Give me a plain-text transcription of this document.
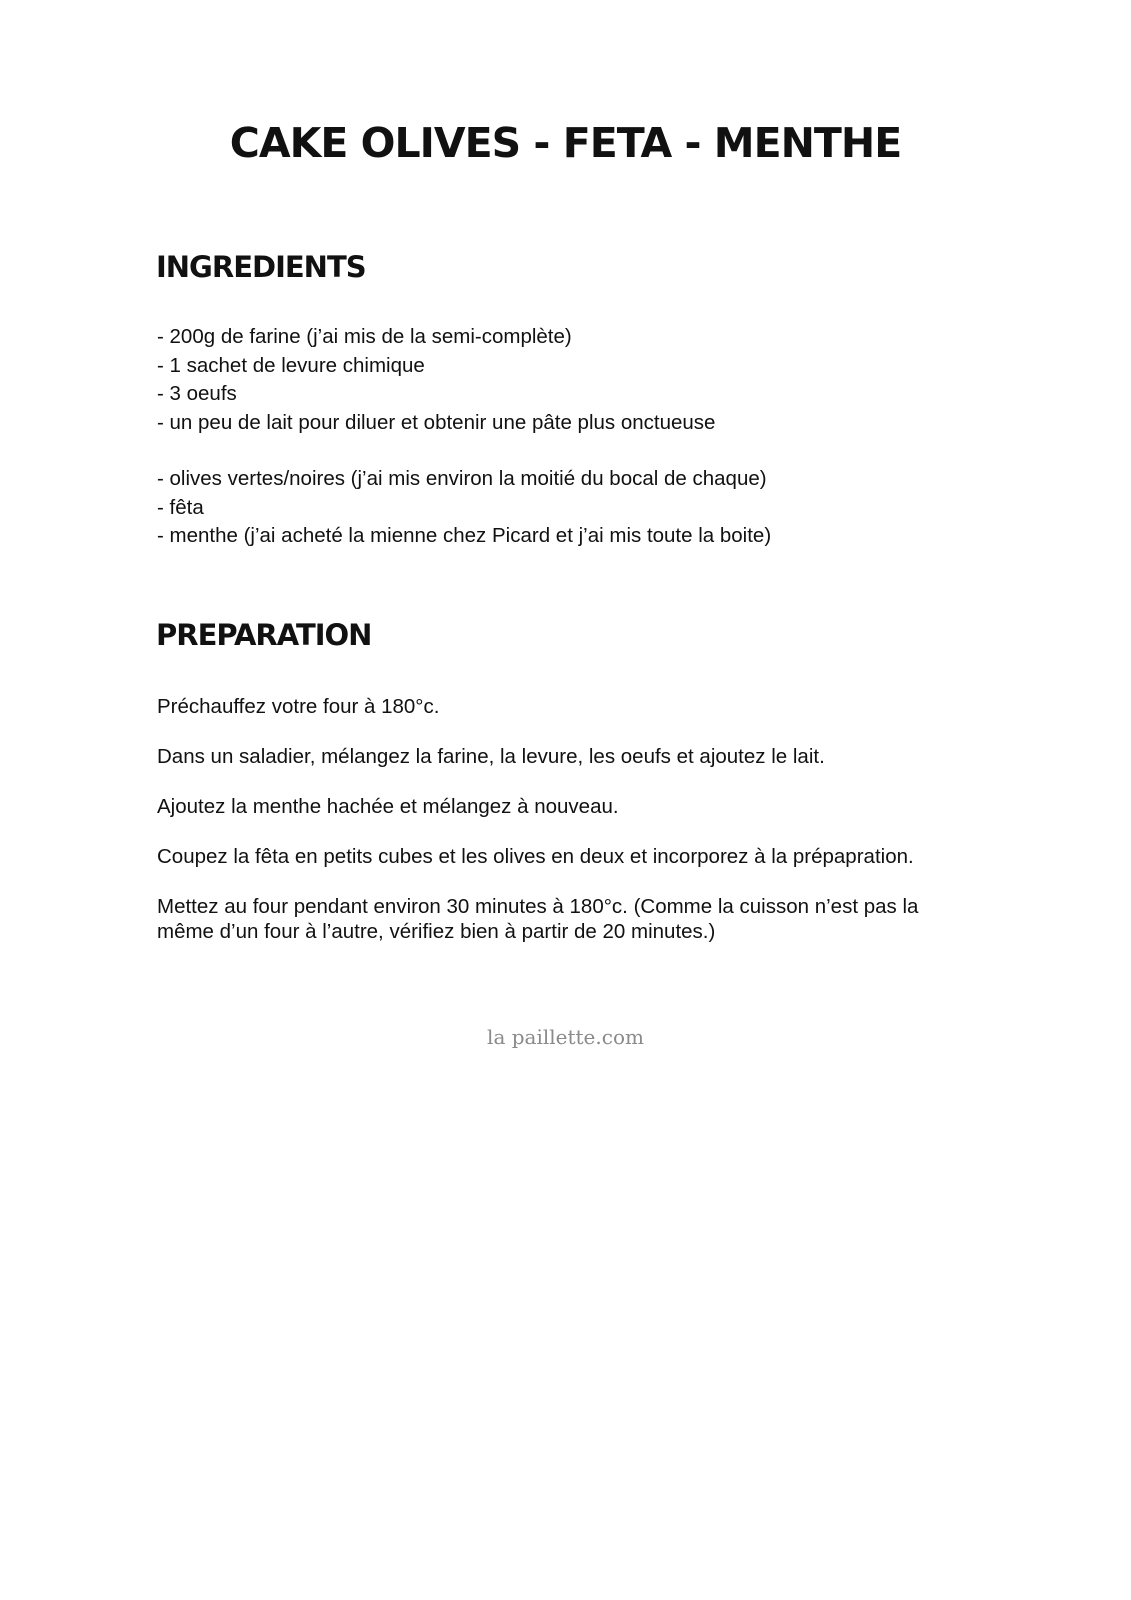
CAKE OLIVES - FETA - MENTHE
INGREDIENTS
- 200g de farine (j’ai mis de la semi-complète)
- 1 sachet de levure chimique
- 3 oeufs
- un peu de lait pour diluer et obtenir une pâte plus onctueuse
- olives vertes/noires (j’ai mis environ la moitié du bocal de chaque)
- fêta
- menthe (j’ai acheté la mienne chez Picard et j’ai mis toute la boite)
PREPARATION

Préchauffez votre four à 180°c.

Dans un saladier, mélangez la farine, la levure, les oeufs et ajoutez le lait.

Ajoutez la menthe hachée et mélangez à nouveau.

Coupez la fêta en petits cubes et les olives en deux et incorporez à la prépapration.

Mettez au four pendant environ 30 minutes à 180°c. (Comme la cuisson n’est pas la même d’un four à l’autre, vérifiez bien à partir de 20 minutes.)

la paillette.com
